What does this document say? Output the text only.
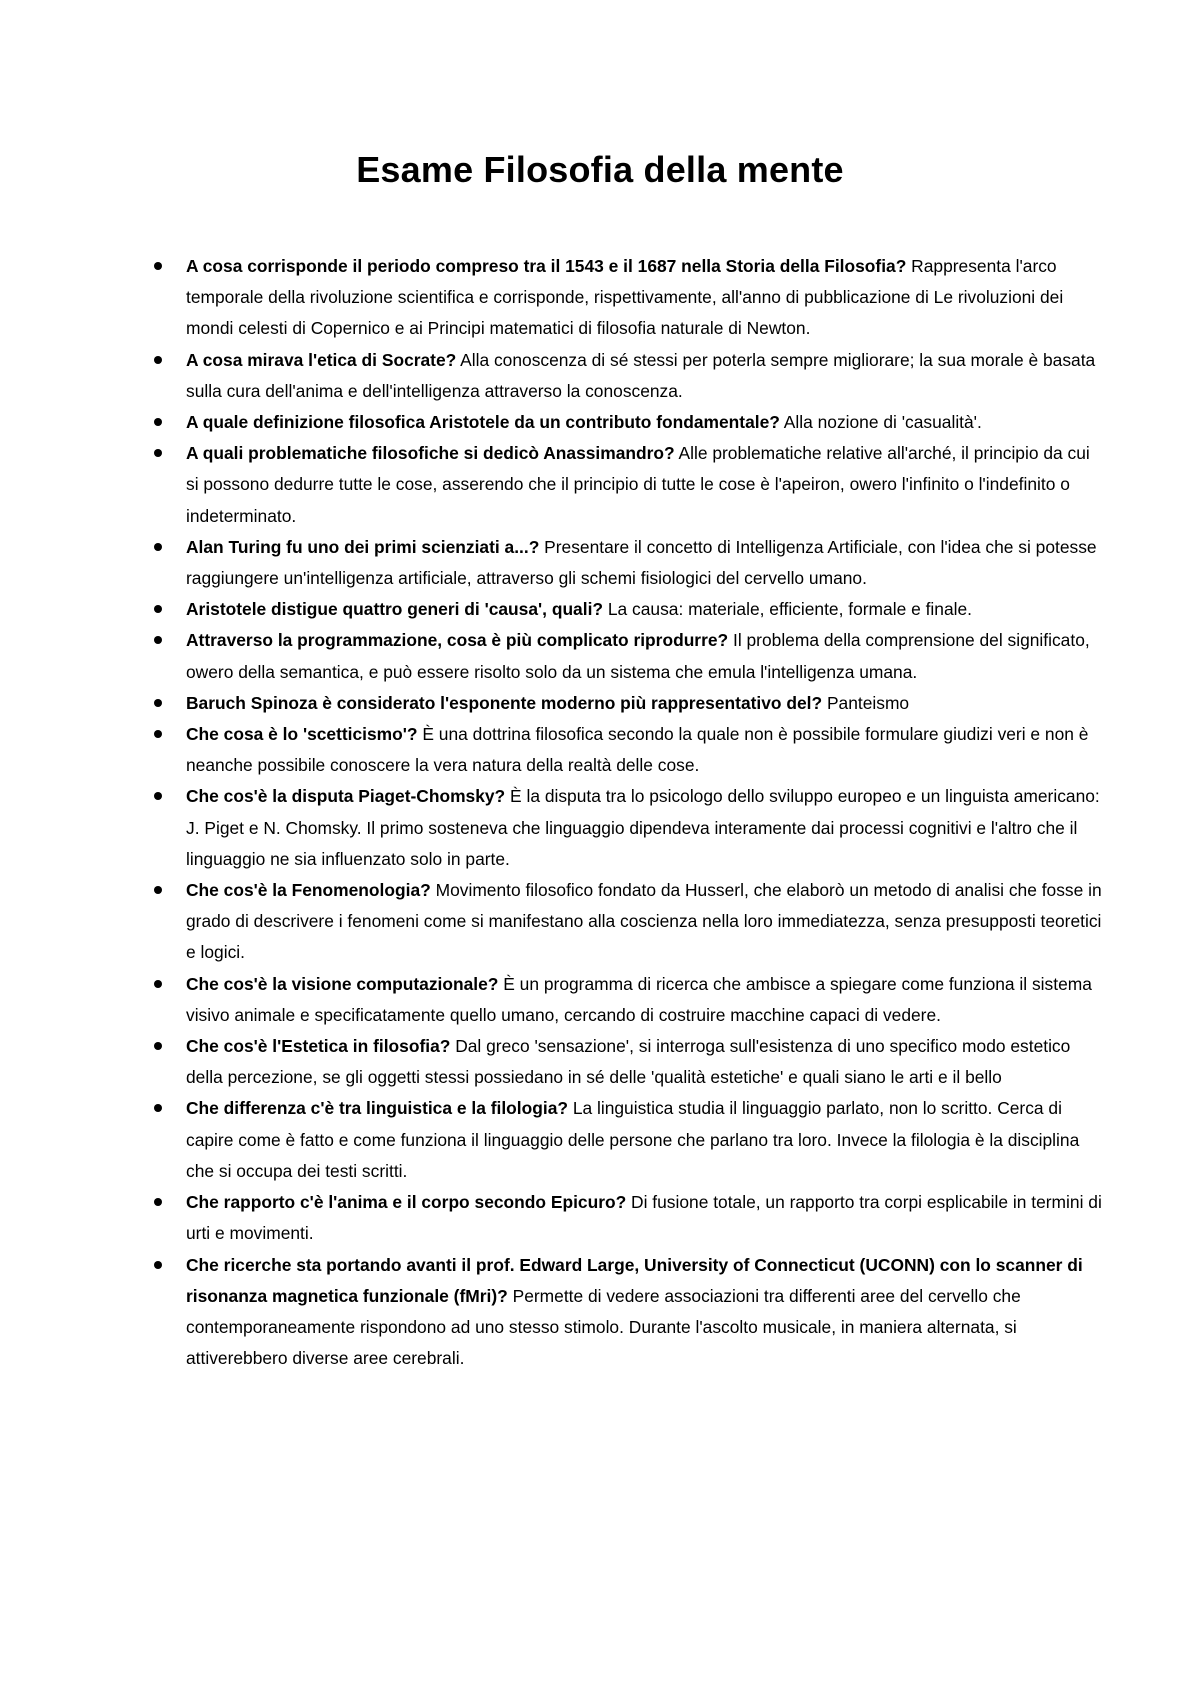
Esame Filosofia della mente
A cosa corrisponde il periodo compreso tra il 1543 e il 1687 nella Storia della Filosofia? Rappresenta l'arco temporale della rivoluzione scientifica e corrisponde, rispettivamente, all'anno di pubblicazione di Le rivoluzioni dei mondi celesti di Copernico e ai Principi matematici di filosofia naturale di Newton.
A cosa mirava l'etica di Socrate? Alla conoscenza di sé stessi per poterla sempre migliorare; la sua morale è basata sulla cura dell'anima e dell'intelligenza attraverso la conoscenza.
A quale definizione filosofica Aristotele da un contributo fondamentale? Alla nozione di 'casualità'.
A quali problematiche filosofiche si dedicò Anassimandro? Alle problematiche relative all'arché, il principio da cui si possono dedurre tutte le cose, asserendo che il principio di tutte le cose è l'apeiron, owero l'infinito o l'indefinito o indeterminato.
Alan Turing fu uno dei primi scienziati a...? Presentare il concetto di Intelligenza Artificiale, con l'idea che si potesse raggiungere un'intelligenza artificiale, attraverso gli schemi fisiologici del cervello umano.
Aristotele distigue quattro generi di 'causa', quali? La causa: materiale, efficiente, formale e finale.
Attraverso la programmazione, cosa è più complicato riprodurre? Il problema della comprensione del significato, owero della semantica, e può essere risolto solo da un sistema che emula l'intelligenza umana.
Baruch Spinoza è considerato l'esponente moderno più rappresentativo del? Panteismo
Che cosa è lo 'scetticismo'? È una dottrina filosofica secondo la quale non è possibile formulare giudizi veri e non è neanche possibile conoscere la vera natura della realtà delle cose.
Che cos'è la disputa Piaget-Chomsky? È la disputa tra lo psicologo dello sviluppo europeo e un linguista americano: J. Piget e N. Chomsky. Il primo sosteneva che linguaggio dipendeva interamente dai processi cognitivi e l'altro che il linguaggio ne sia influenzato solo in parte.
Che cos'è la Fenomenologia? Movimento filosofico fondato da Husserl, che elaborò un metodo di analisi che fosse in grado di descrivere i fenomeni come si manifestano alla coscienza nella loro immediatezza, senza presupposti teoretici e logici.
Che cos'è la visione computazionale? È un programma di ricerca che ambisce a spiegare come funziona il sistema visivo animale e specificatamente quello umano, cercando di costruire macchine capaci di vedere.
Che cos'è l'Estetica in filosofia? Dal greco 'sensazione', si interroga sull'esistenza di uno specifico modo estetico della percezione, se gli oggetti stessi possiedano in sé delle 'qualità estetiche' e quali siano le arti e il bello
Che differenza c'è tra linguistica e la filologia? La linguistica studia il linguaggio parlato, non lo scritto. Cerca di capire come è fatto e come funziona il linguaggio delle persone che parlano tra loro. Invece la filologia è la disciplina che si occupa dei testi scritti.
Che rapporto c'è l'anima e il corpo secondo Epicuro? Di fusione totale, un rapporto tra corpi esplicabile in termini di urti e movimenti.
Che ricerche sta portando avanti il prof. Edward Large, University of Connecticut (UCONN) con lo scanner di risonanza magnetica funzionale (fMri)? Permette di vedere associazioni tra differenti aree del cervello che contemporaneamente rispondono ad uno stesso stimolo. Durante l'ascolto musicale, in maniera alternata, si attiverebbero diverse aree cerebrali.
